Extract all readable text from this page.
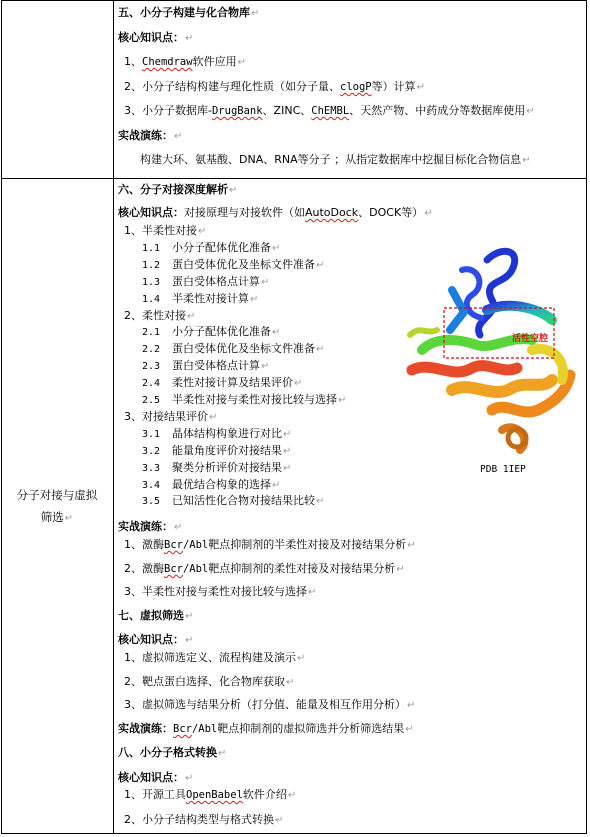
分子对接与虚拟
筛选↵
五、小分子构建与化合物库↵
核心知识点：↵
1、Chemdraw软件应用↵
2、小分子结构构建与理化性质（如分子量、clogP等）计算↵
3、小分子数据库-DrugBank、ZINC、ChEMBL、天然产物、中药成分等数据库使用↵
实战演练：↵
构建大环、氨基酸、DNA、RNA等分子 ；从指定数据库中挖掘目标化合物信息↵
六、分子对接深度解析↵
核心知识点：对接原理与对接软件（如AutoDock、DOCK等）↵
1、半柔性对接↵
1.1 小分子配体优化准备↵
1.2 蛋白受体优化及坐标文件准备↵
1.3 蛋白受体格点计算↵
1.4 半柔性对接计算↵
2、柔性对接↵
2.1 小分子配体优化准备↵
2.2 蛋白受体优化及坐标文件准备↵
2.3 蛋白受体格点计算↵
2.4 柔性对接计算及结果评价↵
2.5 半柔性对接与柔性对接比较与选择↵
3、对接结果评价↵
3.1 晶体结构构象进行对比↵
3.2 能量角度评价对接结果↵
3.3 聚类分析评价对接结果↵
3.4 最优结合构象的选择↵
3.5 已知活性化合物对接结果比较↵
实战演练：↵
1、激酶Bcr/Abl靶点抑制剂的半柔性对接及对接结果分析↵
2、激酶Bcr/Abl靶点抑制剂的柔性对接及对接结果分析↵
3、半柔性对接与柔性对接比较与选择↵
活性空腔
PDB 1IEP
七、虚拟筛选↵
核心知识点：↵
1、虚拟筛选定义、流程构建及演示↵
2、靶点蛋白选择、化合物库获取↵
3、虚拟筛选与结果分析（打分值、能量及相互作用分析）↵
实战演练：Bcr/Abl靶点抑制剂的虚拟筛选并分析筛选结果↵
八、小分子格式转换↵
核心知识点：↵
1、开源工具OpenBabel软件介绍↵
2、小分子结构类型与格式转换↵
